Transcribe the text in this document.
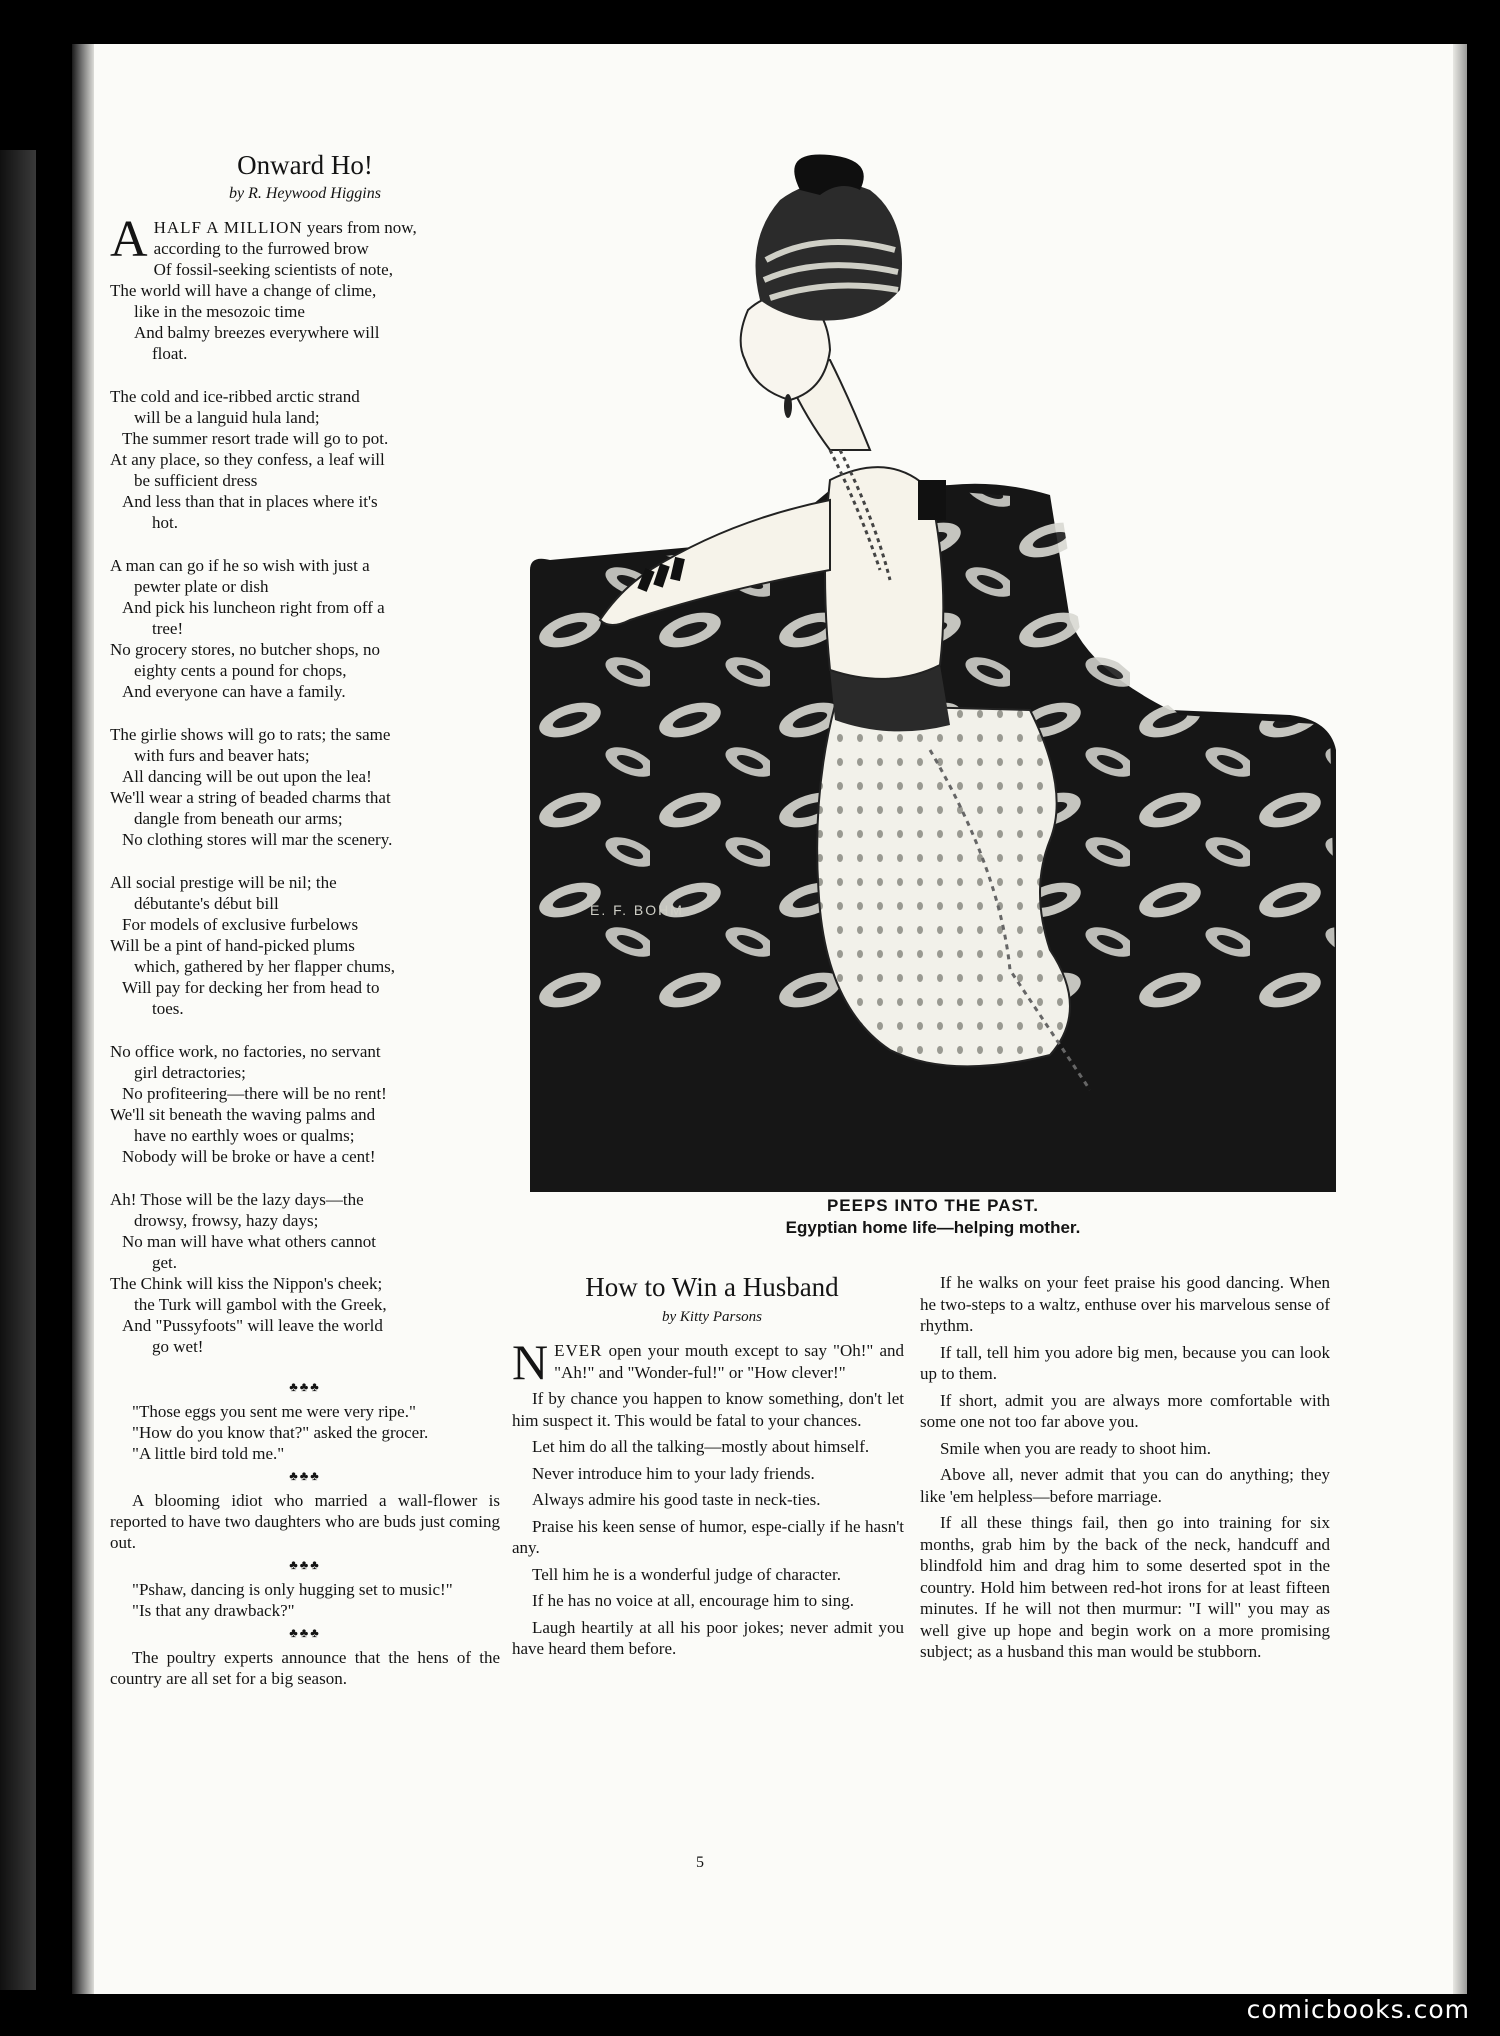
Onward Ho!

by R. Heywood Higgins

AHALF A MILLION years from now,

according to the furrowed brow

Of fossil-seeking scientists of note,

The world will have a change of clime,

like in the mesozoic time

And balmy breezes everywhere will

float.

The cold and ice-ribbed arctic strand

will be a languid hula land;

The summer resort trade will go to pot.

At any place, so they confess, a leaf will

be sufficient dress

And less than that in places where it's

hot.

A man can go if he so wish with just a

pewter plate or dish

And pick his luncheon right from off a

tree!

No grocery stores, no butcher shops, no

eighty cents a pound for chops,

And everyone can have a family.

The girlie shows will go to rats; the same

with furs and beaver hats;

All dancing will be out upon the lea!

We'll wear a string of beaded charms that

dangle from beneath our arms;

No clothing stores will mar the scenery.

All social prestige will be nil; the

débutante's début bill

For models of exclusive furbelows

Will be a pint of hand-picked plums

which, gathered by her flapper chums,

Will pay for decking her from head to

toes.

No office work, no factories, no servant

girl detractories;

No profiteering—there will be no rent!

We'll sit beneath the waving palms and

have no earthly woes or qualms;

Nobody will be broke or have a cent!

Ah! Those will be the lazy days—the

drowsy, frowsy, hazy days;

No man will have what others cannot

get.

The Chink will kiss the Nippon's cheek;

the Turk will gambol with the Greek,

And "Pussyfoots" will leave the world

go wet!

♣♣♣

"Those eggs you sent me were very ripe."

"How do you know that?" asked the grocer.

"A little bird told me."

♣♣♣

A blooming idiot who married a wall-flower is reported to have two daughters who are buds just coming out.

♣♣♣

"Pshaw, dancing is only hugging set to music!"

"Is that any drawback?"

♣♣♣

The poultry experts announce that the hens of the country are all set for a big season.

E. F. BOHM

PEEPS INTO THE PAST.

Egyptian home life—helping mother.

How to Win a Husband

by Kitty Parsons

NEVER open your mouth except to say "Oh!" and "Ah!" and "Wonder-ful!" or "How clever!"

If by chance you happen to know something, don't let him suspect it. This would be fatal to your chances.

Let him do all the talking—mostly about himself.

Never introduce him to your lady friends.

Always admire his good taste in neck-ties.

Praise his keen sense of humor, espe-cially if he hasn't any.

Tell him he is a wonderful judge of character.

If he has no voice at all, encourage him to sing.

Laugh heartily at all his poor jokes; never admit you have heard them before.

If he walks on your feet praise his good dancing. When he two-steps to a waltz, enthuse over his marvelous sense of rhythm.

If tall, tell him you adore big men, because you can look up to them.

If short, admit you are always more comfortable with some one not too far above you.

Smile when you are ready to shoot him.

Above all, never admit that you can do anything; they like 'em helpless—before marriage.

If all these things fail, then go into training for six months, grab him by the back of the neck, handcuff and blindfold him and drag him to some deserted spot in the country. Hold him between red-hot irons for at least fifteen minutes. If he will not then murmur: "I will" you may as well give up hope and begin work on a more promising subject; as a husband this man would be stubborn.

5
comicbooks.com
